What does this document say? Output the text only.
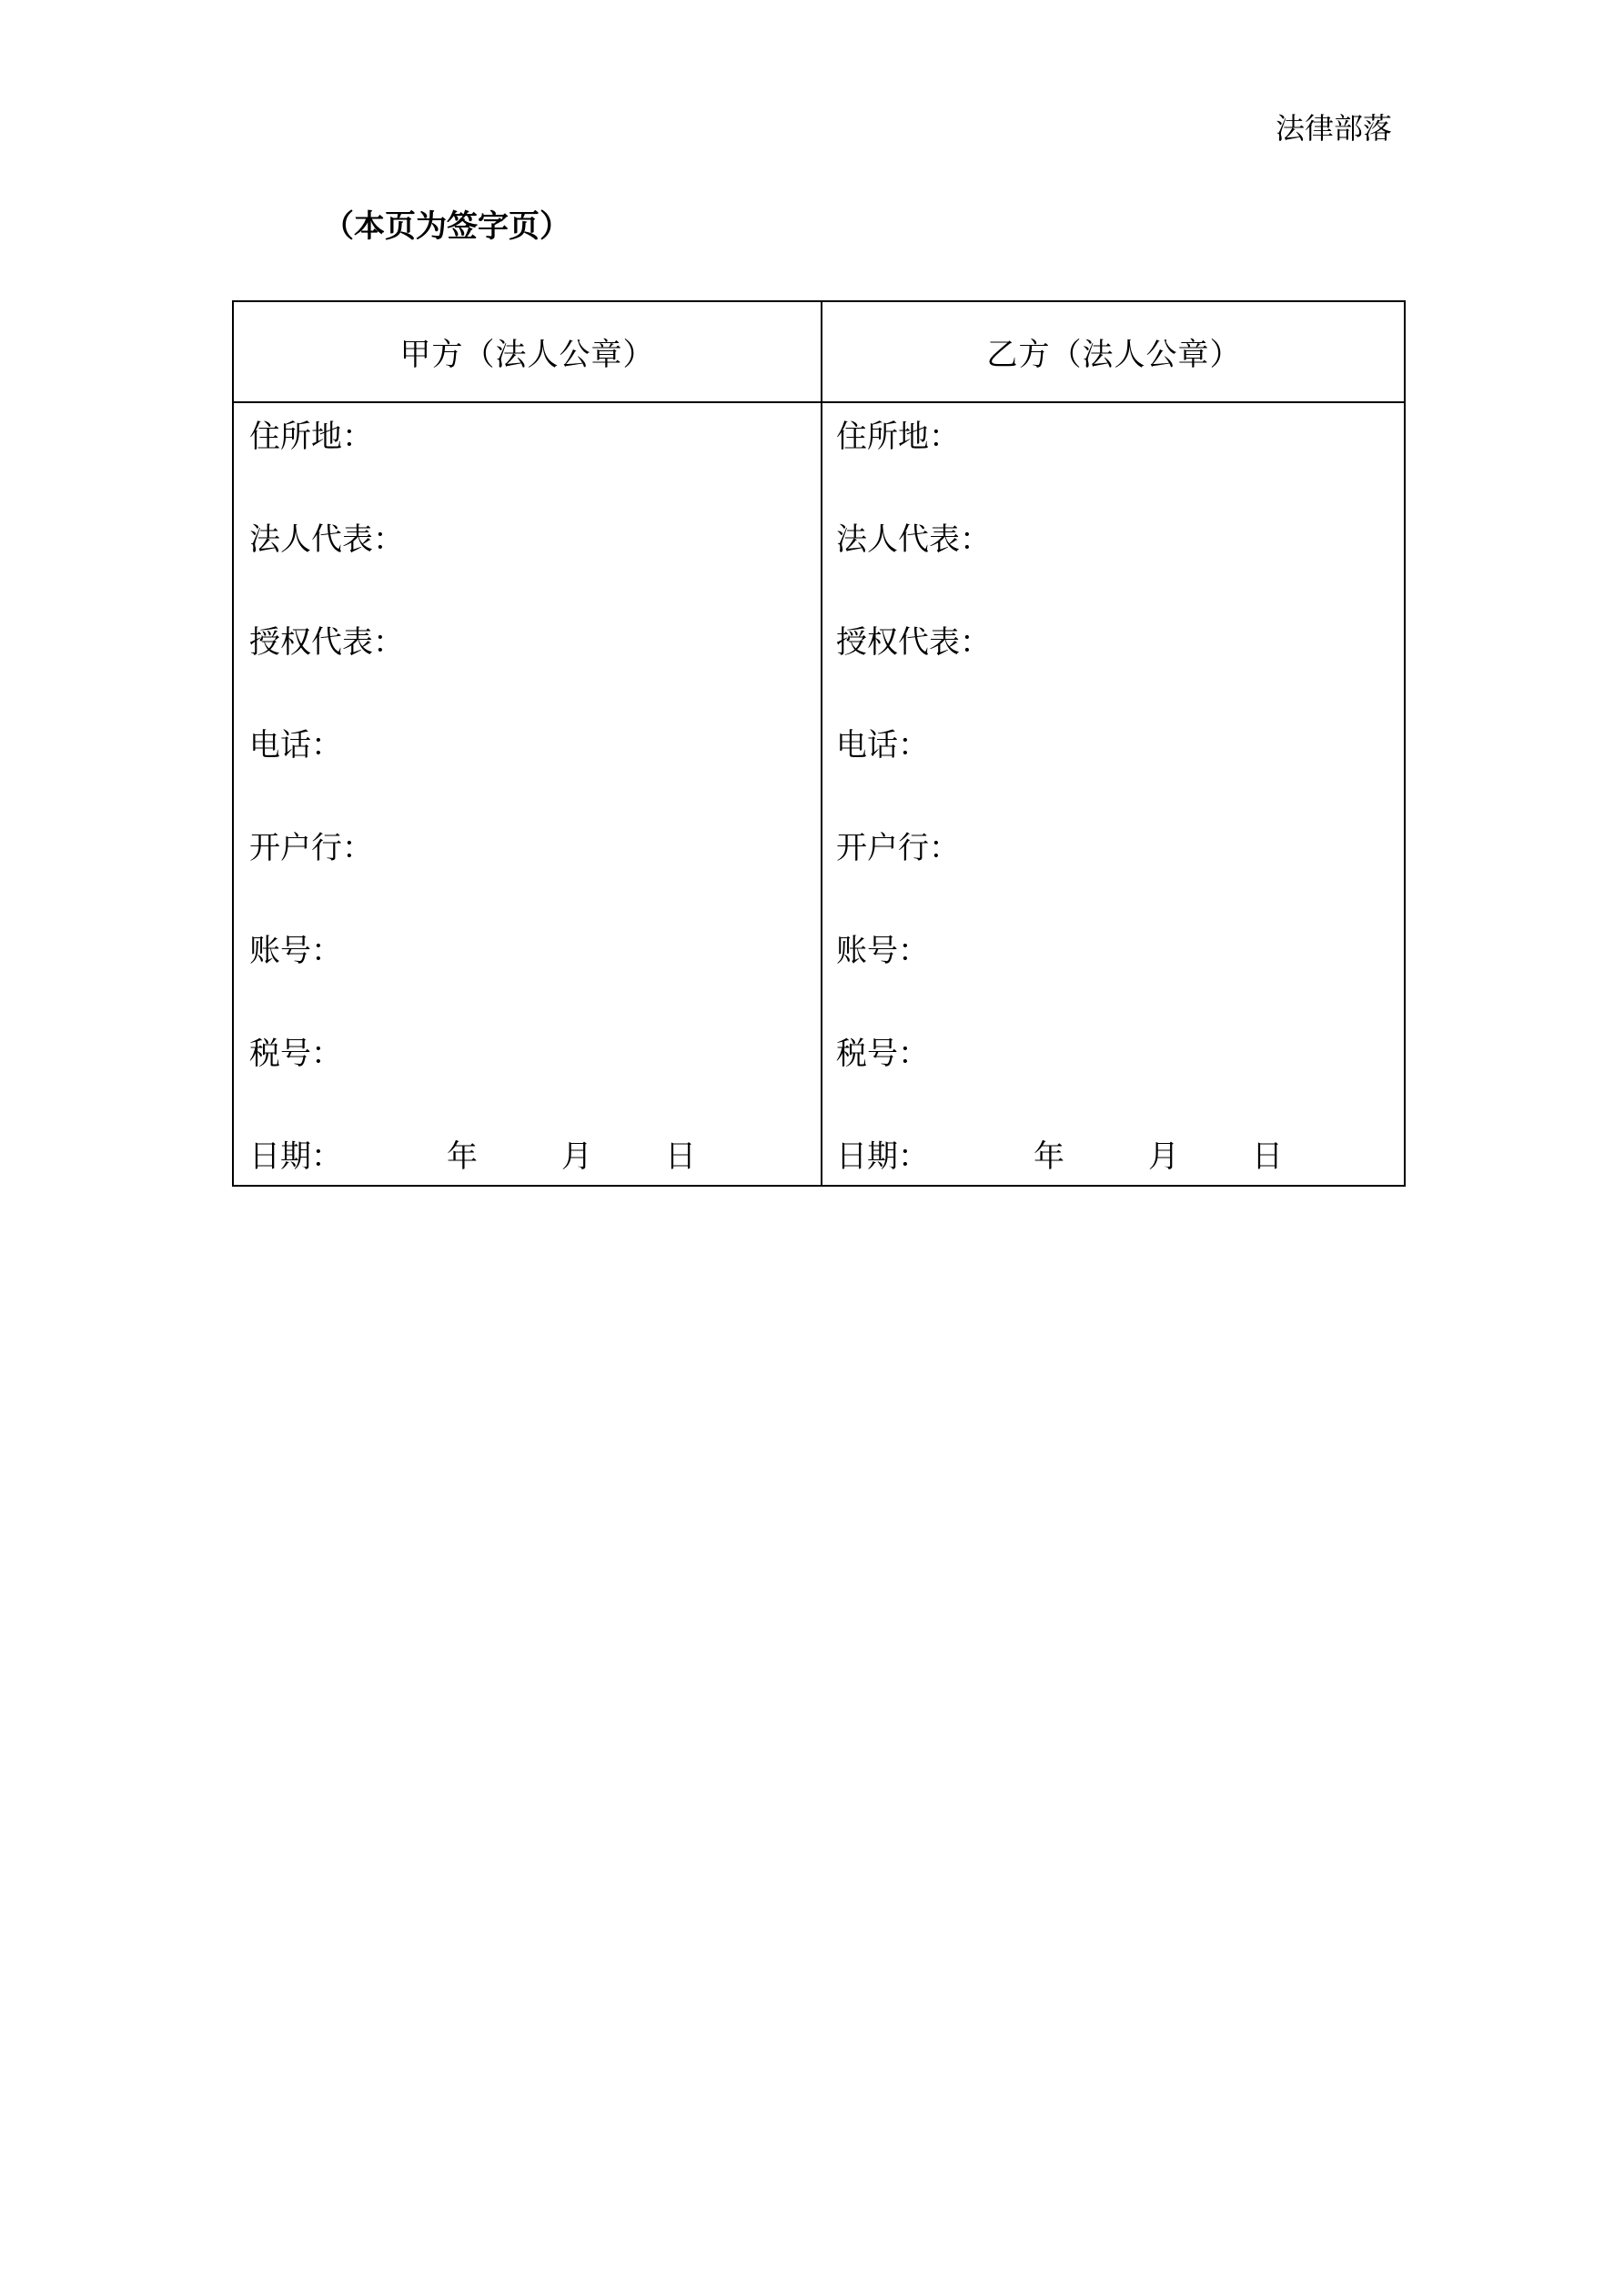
法律部落
（本页为签字页）
甲方（法人公章）	乙方（法人公章）
住所地：
法人代表：
授权代表：
电话：
开户行：
账号：
税号：
日期：	年	月 日
住所地：
法人代表：
授权代表：
电话：
开户行：
账号：
税号：
日期：	年	月 日
